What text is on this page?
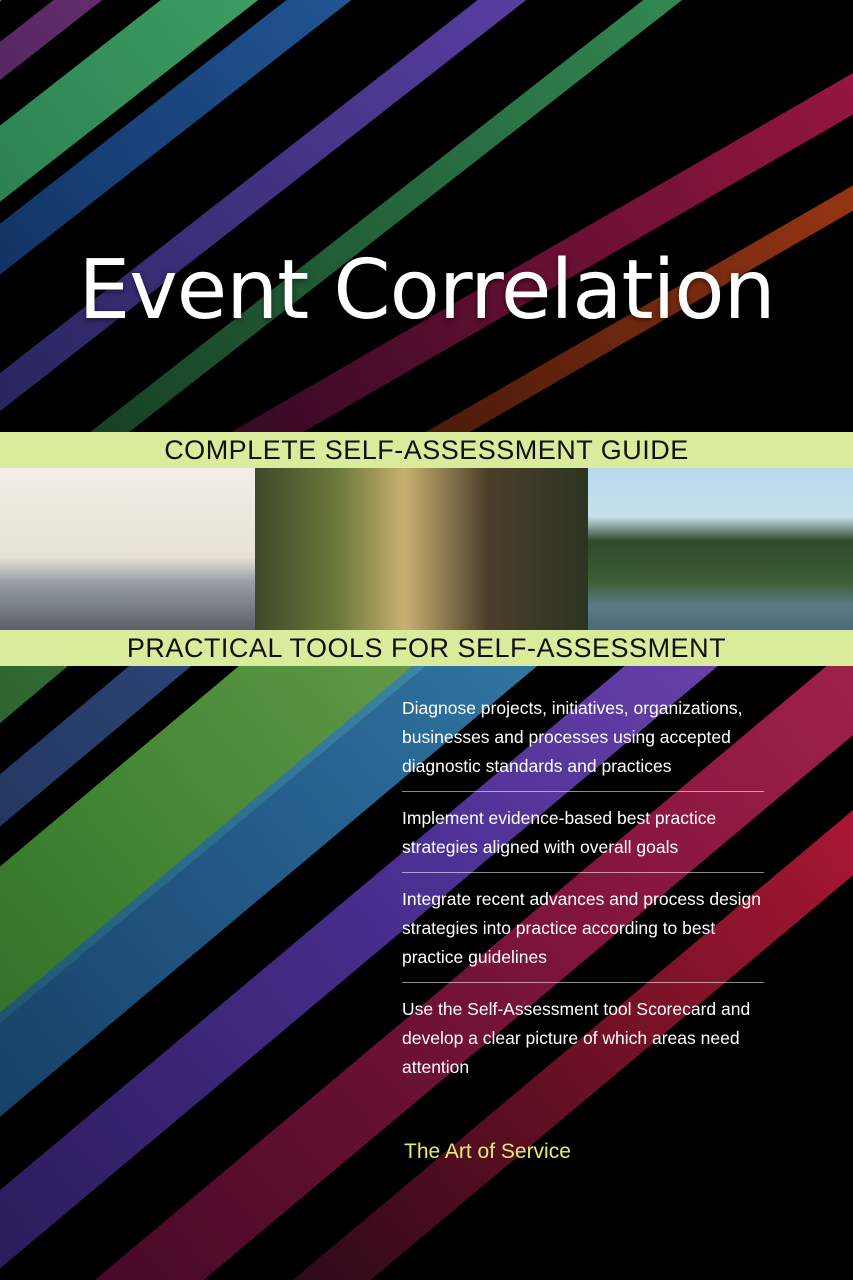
Event Correlation
COMPLETE SELF-ASSESSMENT GUIDE
PRACTICAL TOOLS FOR SELF-ASSESSMENT
Diagnose projects, initiatives, organizations, businesses and processes using accepted diagnostic standards and practices
Implement evidence-based best practice strategies aligned with overall goals
Integrate recent advances and process design strategies into practice according to best practice guidelines
Use the Self-Assessment tool Scorecard and develop a clear picture of which areas need attention
The Art of Service
